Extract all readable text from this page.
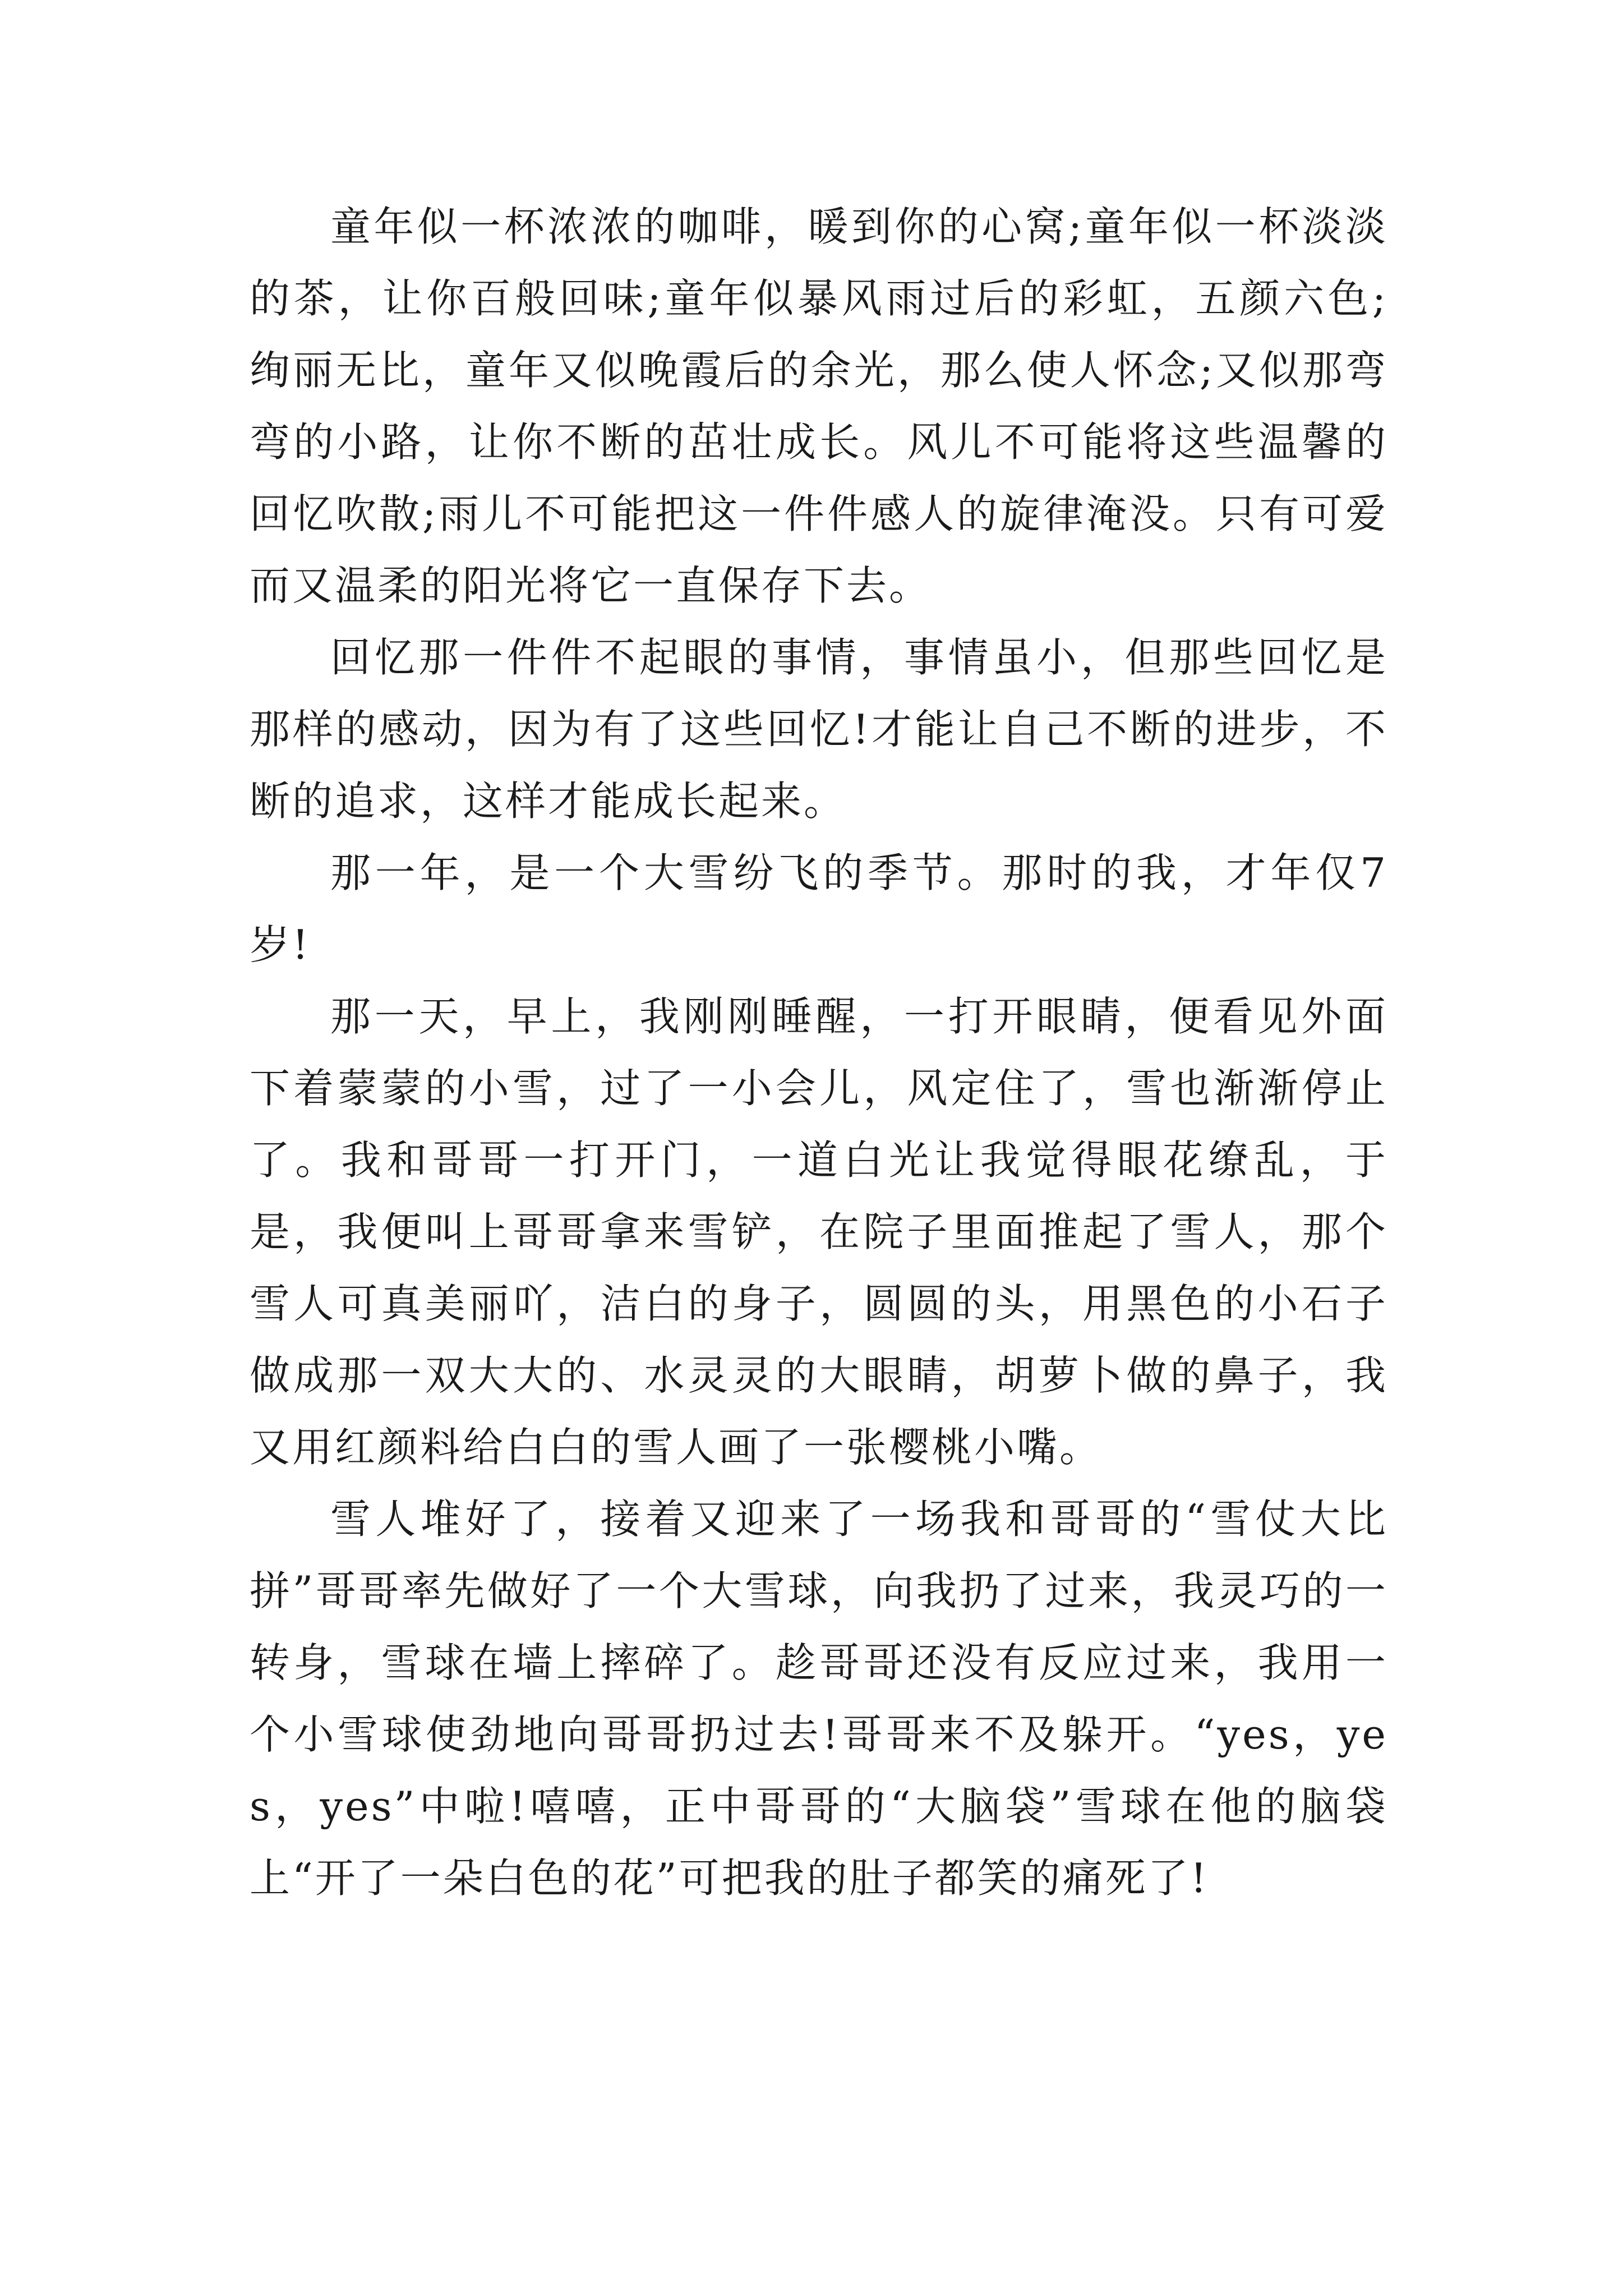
童年似一杯浓浓的咖啡，暖到你的心窝;童年似一杯淡淡的茶，让你百般回味;童年似暴风雨过后的彩虹，五颜六色;绚丽无比，童年又似晚霞后的余光，那么使人怀念;又似那弯弯的小路，让你不断的茁壮成长。风儿不可能将这些温馨的回忆吹散;雨儿不可能把这一件件感人的旋律淹没。只有可爱而又温柔的阳光将它一直保存下去。

回忆那一件件不起眼的事情，事情虽小，但那些回忆是那样的感动，因为有了这些回忆!才能让自己不断的进步，不断的追求，这样才能成长起来。

那一年，是一个大雪纷飞的季节。那时的我，才年仅7岁!

那一天，早上，我刚刚睡醒，一打开眼睛，便看见外面下着蒙蒙的小雪，过了一小会儿，风定住了，雪也渐渐停止了。我和哥哥一打开门，一道白光让我觉得眼花缭乱，于是，我便叫上哥哥拿来雪铲，在院子里面推起了雪人，那个雪人可真美丽吖，洁白的身子，圆圆的头，用黑色的小石子做成那一双大大的、水灵灵的大眼睛，胡萝卜做的鼻子，我又用红颜料给白白的雪人画了一张樱桃小嘴。

雪人堆好了，接着又迎来了一场我和哥哥的“雪仗大比拼”哥哥率先做好了一个大雪球，向我扔了过来，我灵巧的一转身，雪球在墙上摔碎了。趁哥哥还没有反应过来，我用一个小雪球使劲地向哥哥扔过去!哥哥来不及躲开。“yes，yes，yes”中啦!嘻嘻，正中哥哥的“大脑袋”雪球在他的脑袋上“开了一朵白色的花”可把我的肚子都笑的痛死了!
